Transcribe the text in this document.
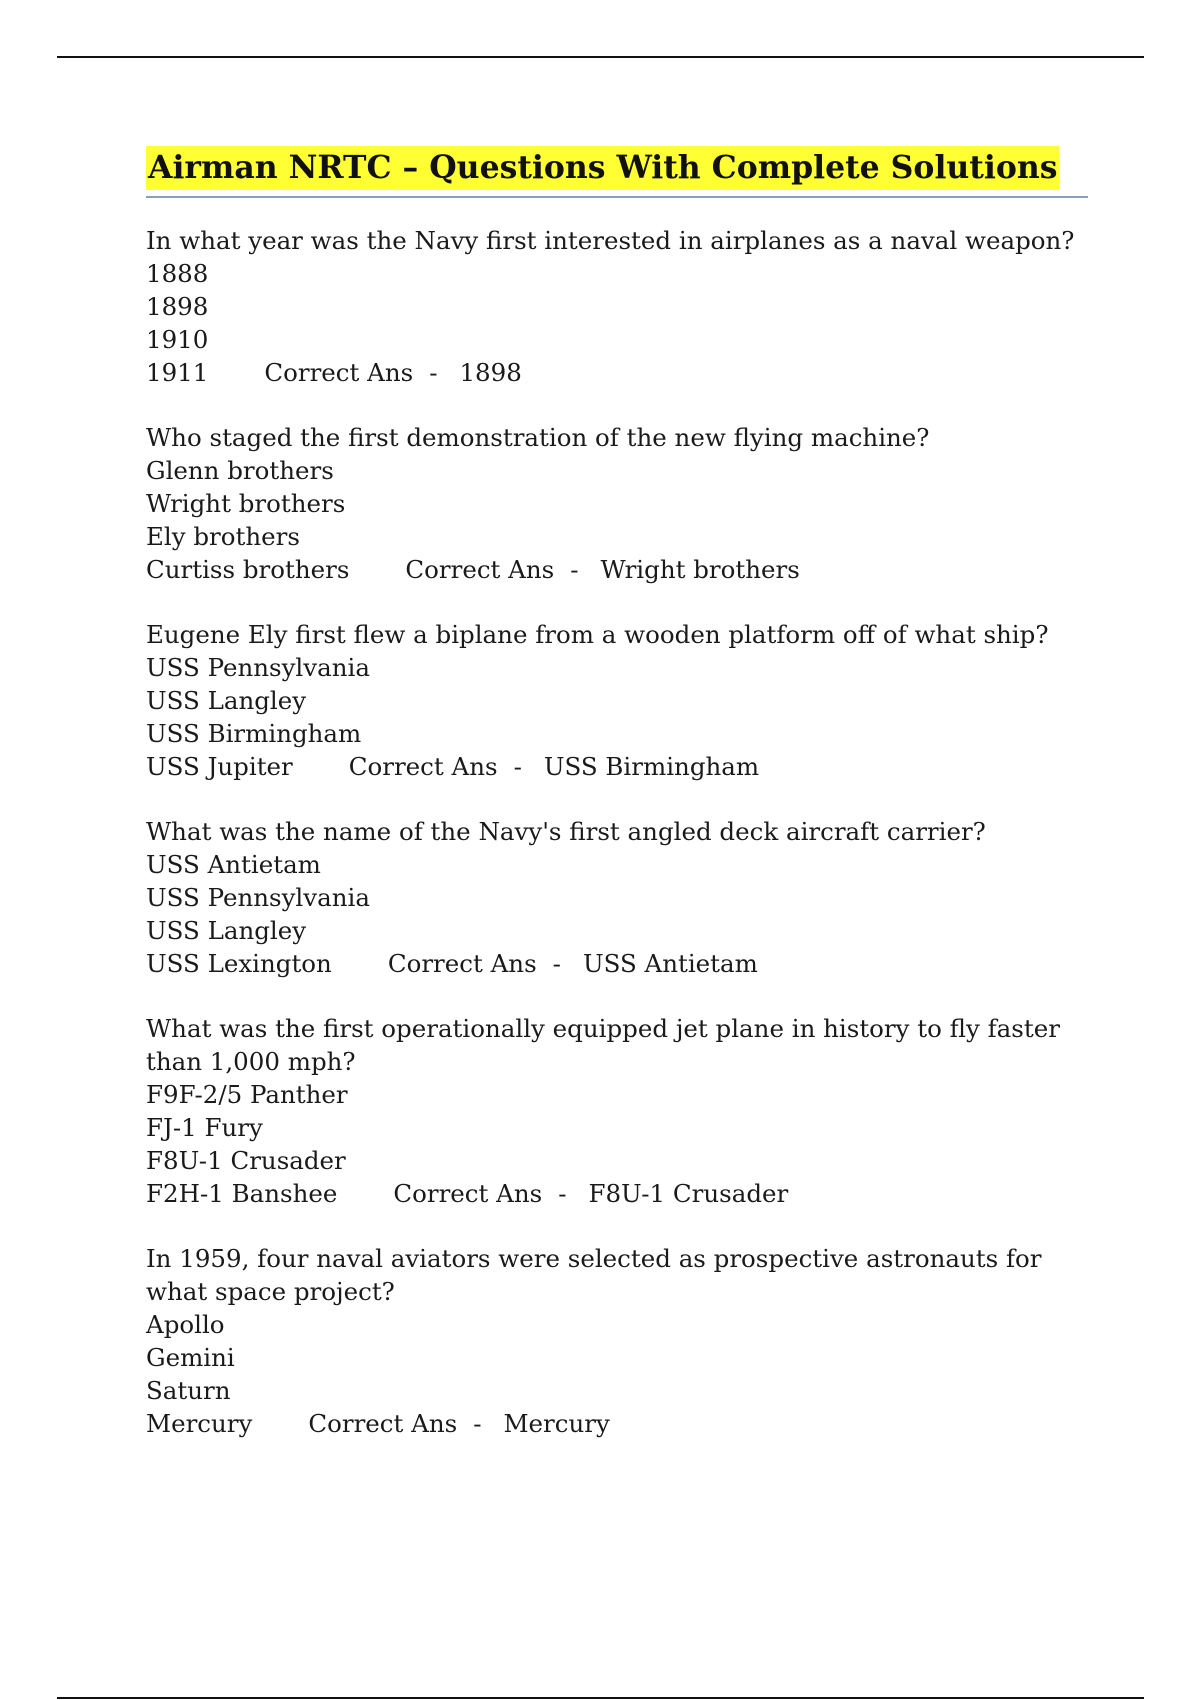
Airman NRTC – Questions With Complete Solutions
In what year was the Navy first interested in airplanes as a naval weapon?
1888
1898
1910
1911 Correct Ans - 1898
Who staged the first demonstration of the new flying machine?
Glenn brothers
Wright brothers
Ely brothers
Curtiss brothers Correct Ans - Wright brothers
Eugene Ely first flew a biplane from a wooden platform off of what ship?
USS Pennsylvania
USS Langley
USS Birmingham
USS Jupiter Correct Ans - USS Birmingham
What was the name of the Navy's first angled deck aircraft carrier?
USS Antietam
USS Pennsylvania
USS Langley
USS Lexington Correct Ans - USS Antietam
What was the first operationally equipped jet plane in history to fly faster than 1,000 mph?
F9F-2/5 Panther
FJ-1 Fury
F8U-1 Crusader
F2H-1 Banshee Correct Ans - F8U-1 Crusader
In 1959, four naval aviators were selected as prospective astronauts for what space project?
Apollo
Gemini
Saturn
Mercury Correct Ans - Mercury
